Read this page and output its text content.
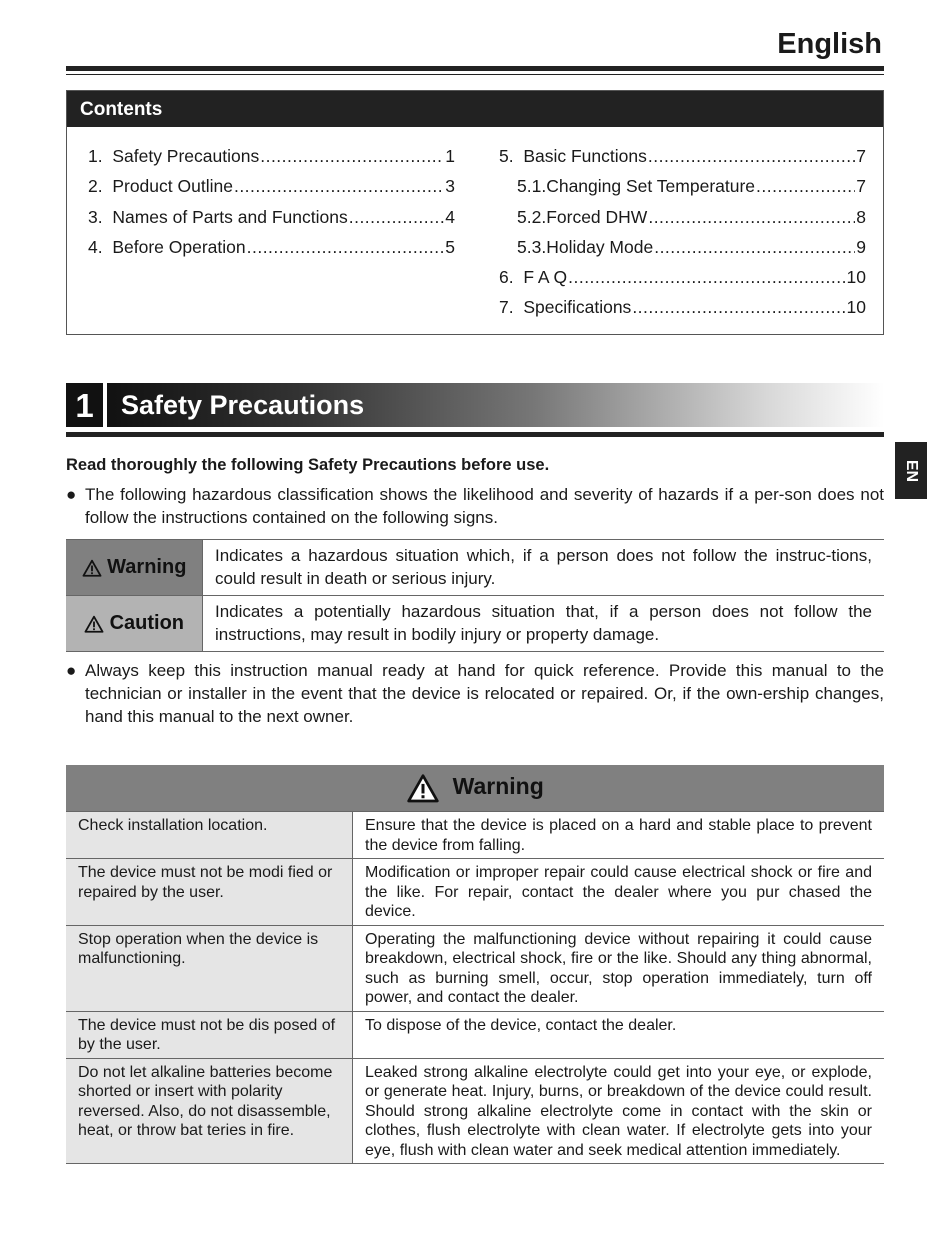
English
Contents
1. Safety Precautions .....	1
2. Product Outline .....	3
3. Names of Parts and Functions .....	4
4. Before Operation .....	5
5. Basic Functions .....	7
5.1. Changing Set Temperature .....	7
5.2. Forced DHW .....	8
5.3. Holiday Mode .....	9
6. F A Q .....	10
7. Specifications .....	10
1	Safety Precautions
EN
Read thoroughly the following Safety Precautions before use.
● The following hazardous classification shows the likelihood and severity of hazards if a per-son does not follow the instructions contained on the following signs.
Warning	Indicates a hazardous situation which, if a person does not follow the instruc-tions, could result in death or serious injury.
Caution	Indicates a potentially hazardous situation that, if a person does not follow the instructions, may result in bodily injury or property damage.
● Always keep this instruction manual ready at hand for quick reference. Provide this manual to the technician or installer in the event that the device is relocated or repaired. Or, if the own-ership changes, hand this manual to the next owner.
Warning	
Check installation location.	Ensure that the device is placed on a hard and stable place to prevent the device from falling.
The device must not be modi fied or repaired by the user.	Modification or improper repair could cause electrical shock or fire and the like. For repair, contact the dealer where you pur chased the device.
Stop operation when the device is malfunctioning.	Operating the malfunctioning device without repairing it could cause breakdown, electrical shock, fire or the like. Should any thing abnormal, such as burning smell, occur, stop operation immediately, turn off power, and contact the dealer.
The device must not be dis posed of by the user.	To dispose of the device, contact the dealer.
Do not let alkaline batteries become shorted or insert with polarity reversed. Also, do not disassemble, heat, or throw bat teries in fire.	Leaked strong alkaline electrolyte could get into your eye, or explode, or generate heat. Injury, burns, or breakdown of the device could result. Should strong alkaline electrolyte come in contact with the skin or clothes, flush electrolyte with clean water. If electrolyte gets into your eye, flush with clean water and seek medical attention immediately.
